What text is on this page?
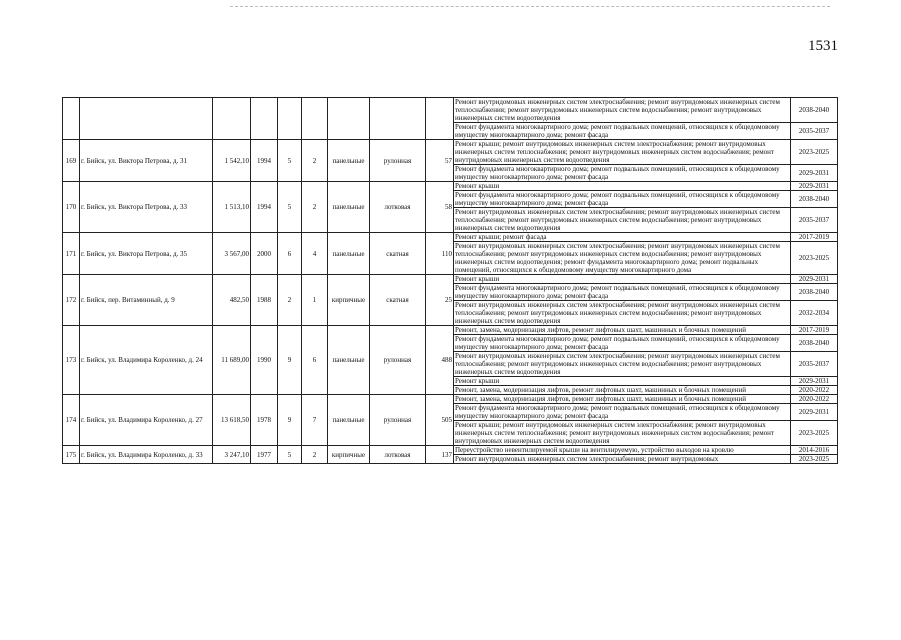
1531
									Ремонт внутридомовых инженерных систем электроснабжения; ремонт внутридомовых инженерных систем теплоснабжения; ремонт внутридомовых инженерных систем водоснабжения; ремонт внутридомовых инженерных систем водоотведения	2038-2040
									Ремонт фундамента многоквартирного дома; ремонт подвальных помещений, относящихся к общедомовому имуществу многоквартирного дома; ремонт фасада	2035-2037
169	г. Бийск, ул. Виктора Петрова, д. 31	1 542,10	1994	5	2	панельные	рулонная	57	Ремонт крыши; ремонт внутридомовых инженерных систем электроснабжения; ремонт внутридомовых инженерных систем теплоснабжения; ремонт внутридомовых инженерных систем водоснабжения; ремонт внутридомовых инженерных систем водоотведения	2023-2025
									Ремонт фундамента многоквартирного дома; ремонт подвальных помещений, относящихся к общедомовому имуществу многоквартирного дома; ремонт фасада	2029-2031
170	г. Бийск, ул. Виктора Петрова, д. 33	1 513,10	1994	5	2	панельные	лотковая	58	Ремонт крыши	2029-2031
									Ремонт фундамента многоквартирного дома; ремонт подвальных помещений, относящихся к общедомовому имуществу многоквартирного дома; ремонт фасада	2038-2040
									Ремонт внутридомовых инженерных систем электроснабжения; ремонт внутридомовых инженерных систем теплоснабжения; ремонт внутридомовых инженерных систем водоснабжения; ремонт внутридомовых инженерных систем водоотведения	2035-2037
171	г. Бийск, ул. Виктора Петрова, д. 35	3 567,00	2000	6	4	панельные	скатная	110	Ремонт крыши; ремонт фасада	2017-2019
									Ремонт внутридомовых инженерных систем электроснабжения; ремонт внутридомовых инженерных систем теплоснабжения; ремонт внутридомовых инженерных систем водоснабжения; ремонт внутридомовых инженерных систем водоотведения; ремонт фундамента многоквартирного дома; ремонт подвальных помещений, относящихся к общедомовому имуществу многоквартирного дома	2023-2025
172	г. Бийск, пер. Витаминный, д. 9	482,50	1988	2	1	кирпичные	скатная	25	Ремонт крыши	2029-2031
									Ремонт фундамента многоквартирного дома; ремонт подвальных помещений, относящихся к общедомовому имуществу многоквартирного дома; ремонт фасада	2038-2040
									Ремонт внутридомовых инженерных систем электроснабжения; ремонт внутридомовых инженерных систем теплоснабжения; ремонт внутридомовых инженерных систем водоснабжения; ремонт внутридомовых инженерных систем водоотведения	2032-2034
173	г. Бийск, ул. Владимира Короленко, д. 24	11 689,00	1990	9	6	панельные	рулонная	488	Ремонт, замена, модернизация лифтов, ремонт лифтовых шахт, машинных и блочных помещений	2017-2019
									Ремонт фундамента многоквартирного дома; ремонт подвальных помещений, относящихся к общедомовому имуществу многоквартирного дома; ремонт фасада	2038-2040
									Ремонт внутридомовых инженерных систем электроснабжения; ремонт внутридомовых инженерных систем теплоснабжения; ремонт внутридомовых инженерных систем водоснабжения; ремонт внутридомовых инженерных систем водоотведения	2035-2037
									Ремонт крыши	2029-2031
									Ремонт, замена, модернизация лифтов, ремонт лифтовых шахт, машинных и блочных помещений	2020-2022
174	г. Бийск, ул. Владимира Короленко, д. 27	13 618,50	1978	9	7	панельные	рулонная	505	Ремонт, замена, модернизация лифтов, ремонт лифтовых шахт, машинных и блочных помещений	2020-2022
									Ремонт фундамента многоквартирного дома; ремонт подвальных помещений, относящихся к общедомовому имуществу многоквартирного дома; ремонт фасада	2029-2031
									Ремонт крыши; ремонт внутридомовых инженерных систем электроснабжения; ремонт внутридомовых инженерных систем теплоснабжения; ремонт внутридомовых инженерных систем водоснабжения; ремонт внутридомовых инженерных систем водоотведения	2023-2025
175	г. Бийск, ул. Владимира Короленко, д. 33	3 247,10	1977	5	2	кирпичные	лотковая	137	Переустройство невентилируемой крыши на вентилируемую, устройство выходов на кровлю	2014-2016
									Ремонт внутридомовых инженерных систем электроснабжения; ремонт внутридомовых	2023-2025
